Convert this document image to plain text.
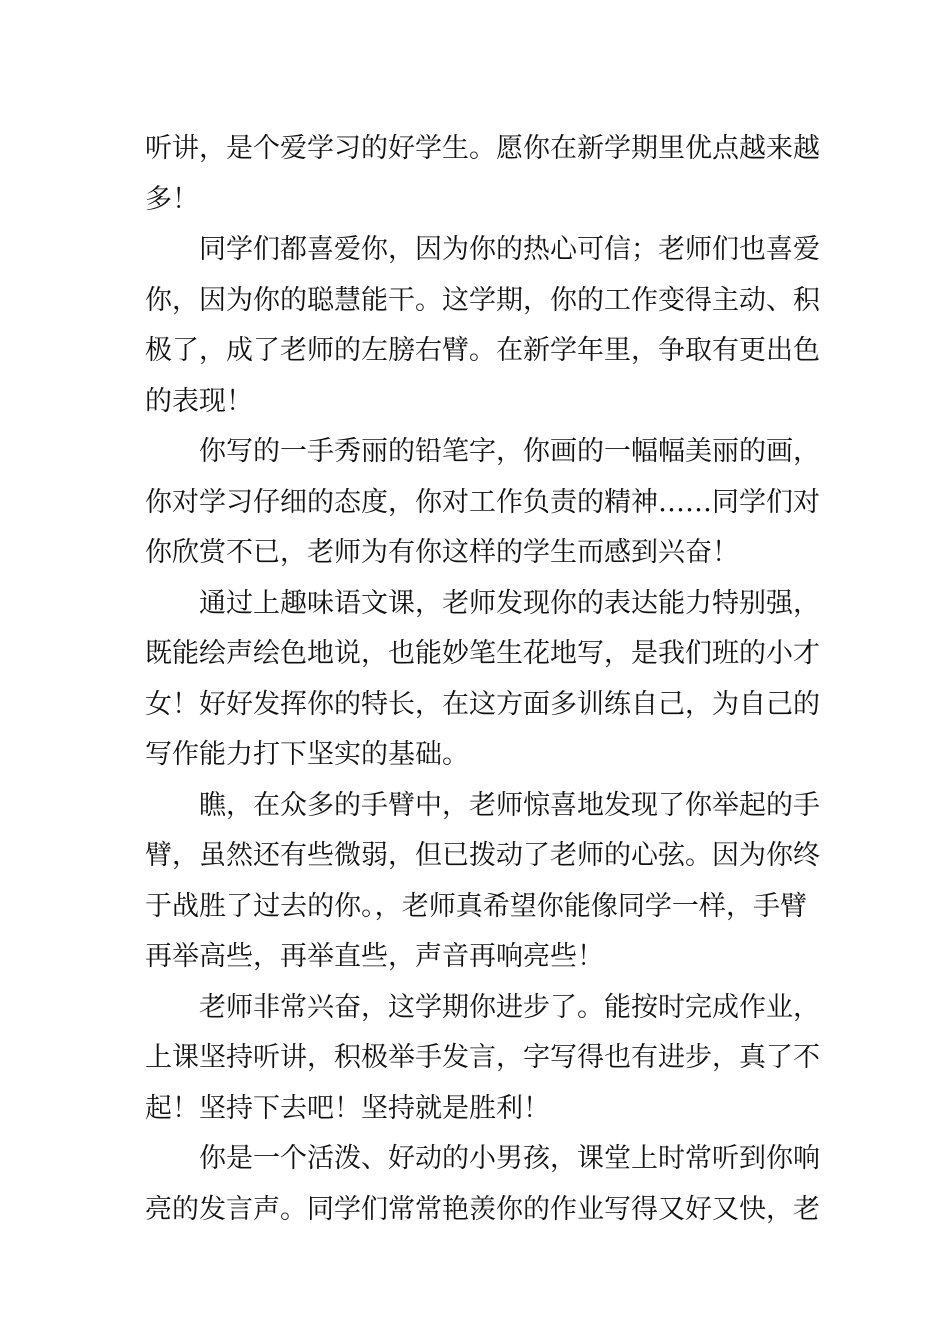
听讲，是个爱学习的好学生。愿你在新学期里优点越来越
多！
同学们都喜爱你，因为你的热心可信；老师们也喜爱
你，因为你的聪慧能干。这学期，你的工作变得主动、积
极了，成了老师的左膀右臂。在新学年里，争取有更出色
的表现！
你写的一手秀丽的铅笔字，你画的一幅幅美丽的画，
你对学习仔细的态度，你对工作负责的精神……同学们对
你欣赏不已，老师为有你这样的学生而感到兴奋！
通过上趣味语文课，老师发现你的表达能力特别强，
既能绘声绘色地说，也能妙笔生花地写，是我们班的小才
女！好好发挥你的特长，在这方面多训练自己，为自己的
写作能力打下坚实的基础。
瞧，在众多的手臂中，老师惊喜地发现了你举起的手
臂，虽然还有些微弱，但已拨动了老师的心弦。因为你终
于战胜了过去的你。，老师真希望你能像同学一样，手臂
再举高些，再举直些，声音再响亮些！
老师非常兴奋，这学期你进步了。能按时完成作业，
上课坚持听讲，积极举手发言，字写得也有进步，真了不
起！坚持下去吧！坚持就是胜利！
你是一个活泼、好动的小男孩，课堂上时常听到你响
亮的发言声。同学们常常艳羡你的作业写得又好又快，老
